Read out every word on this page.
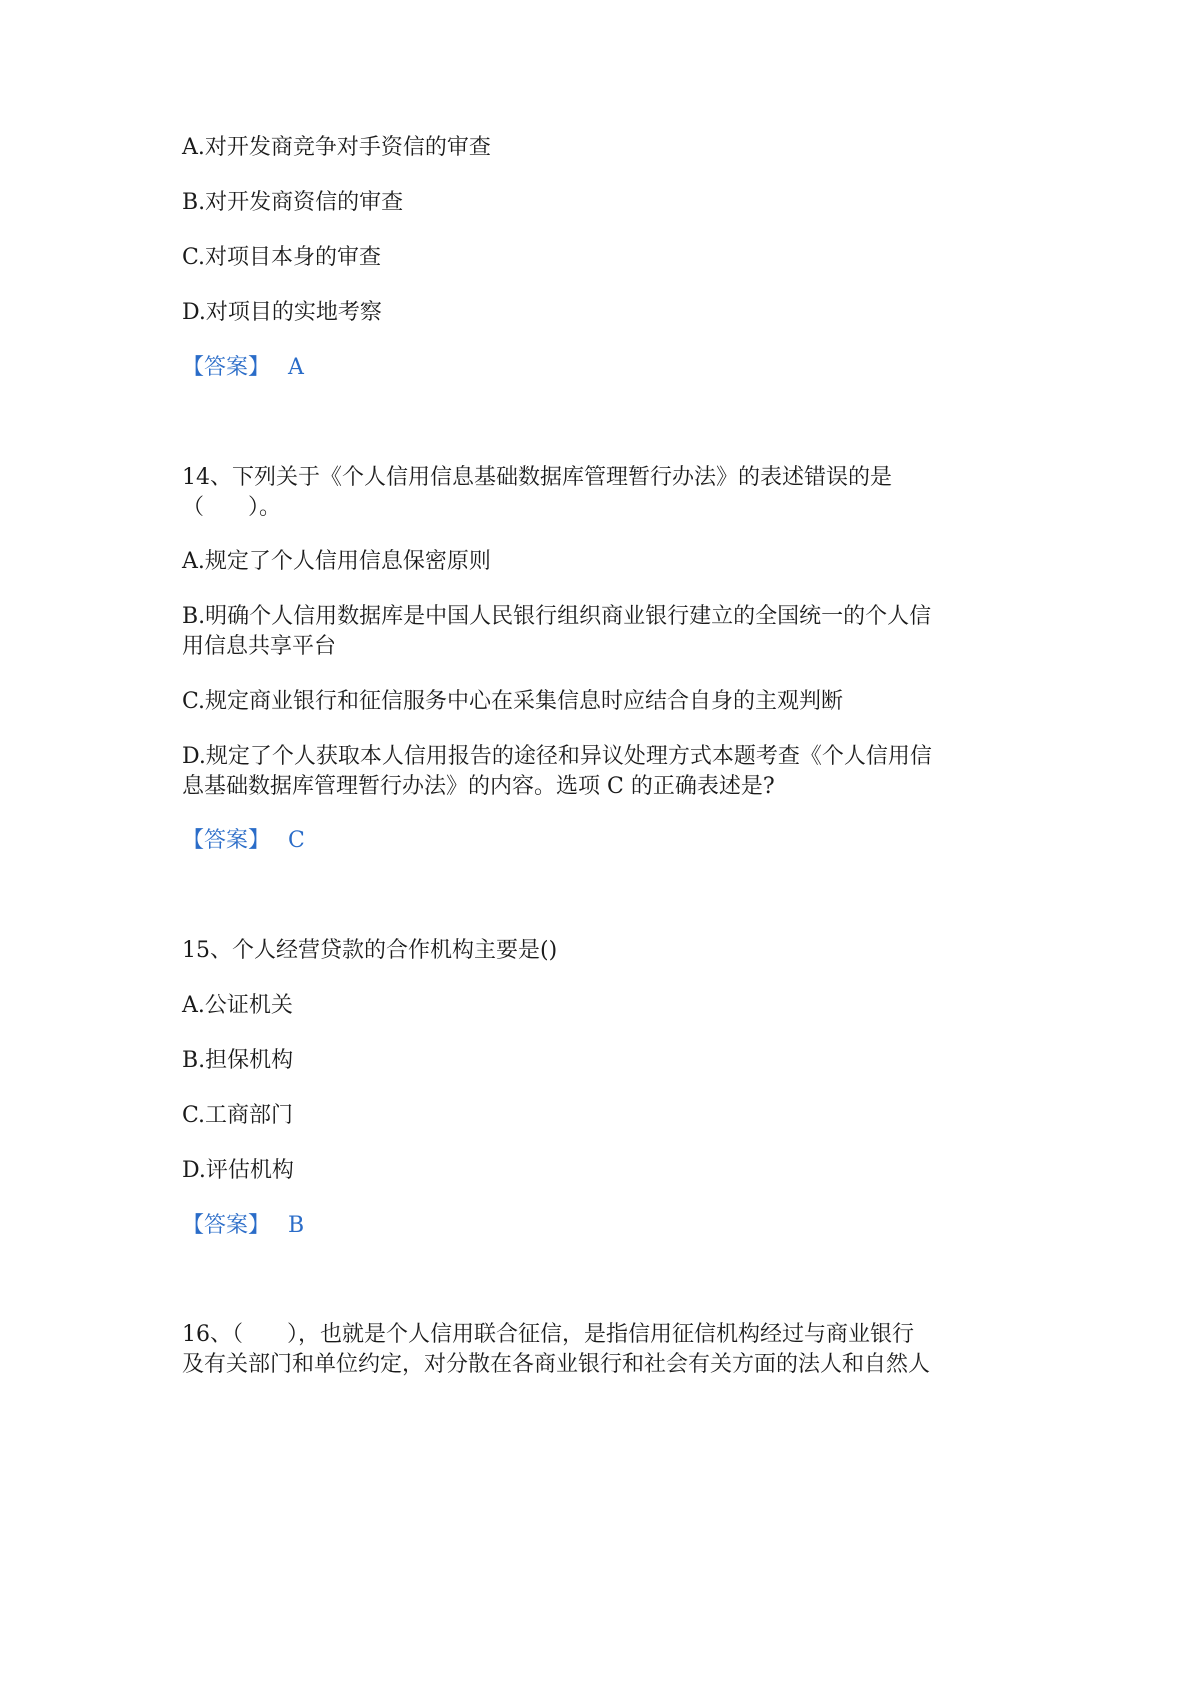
A.对开发商竞争对手资信的审查
B.对开发商资信的审查
C.对项目本身的审查
D.对项目的实地考察
【答案】 A
14、下列关于《个人信用信息基础数据库管理暂行办法》的表述错误的是
（　　）。
A.规定了个人信用信息保密原则
B.明确个人信用数据库是中国人民银行组织商业银行建立的全国统一的个人信
用信息共享平台
C.规定商业银行和征信服务中心在采集信息时应结合自身的主观判断
D.规定了个人获取本人信用报告的途径和异议处理方式本题考查《个人信用信
息基础数据库管理暂行办法》的内容。选项 C 的正确表述是?
【答案】 C
15、个人经营贷款的合作机构主要是()
A.公证机关
B.担保机构
C.工商部门
D.评估机构
【答案】 B
16、（　　），也就是个人信用联合征信，是指信用征信机构经过与商业银行
及有关部门和单位约定，对分散在各商业银行和社会有关方面的法人和自然人
